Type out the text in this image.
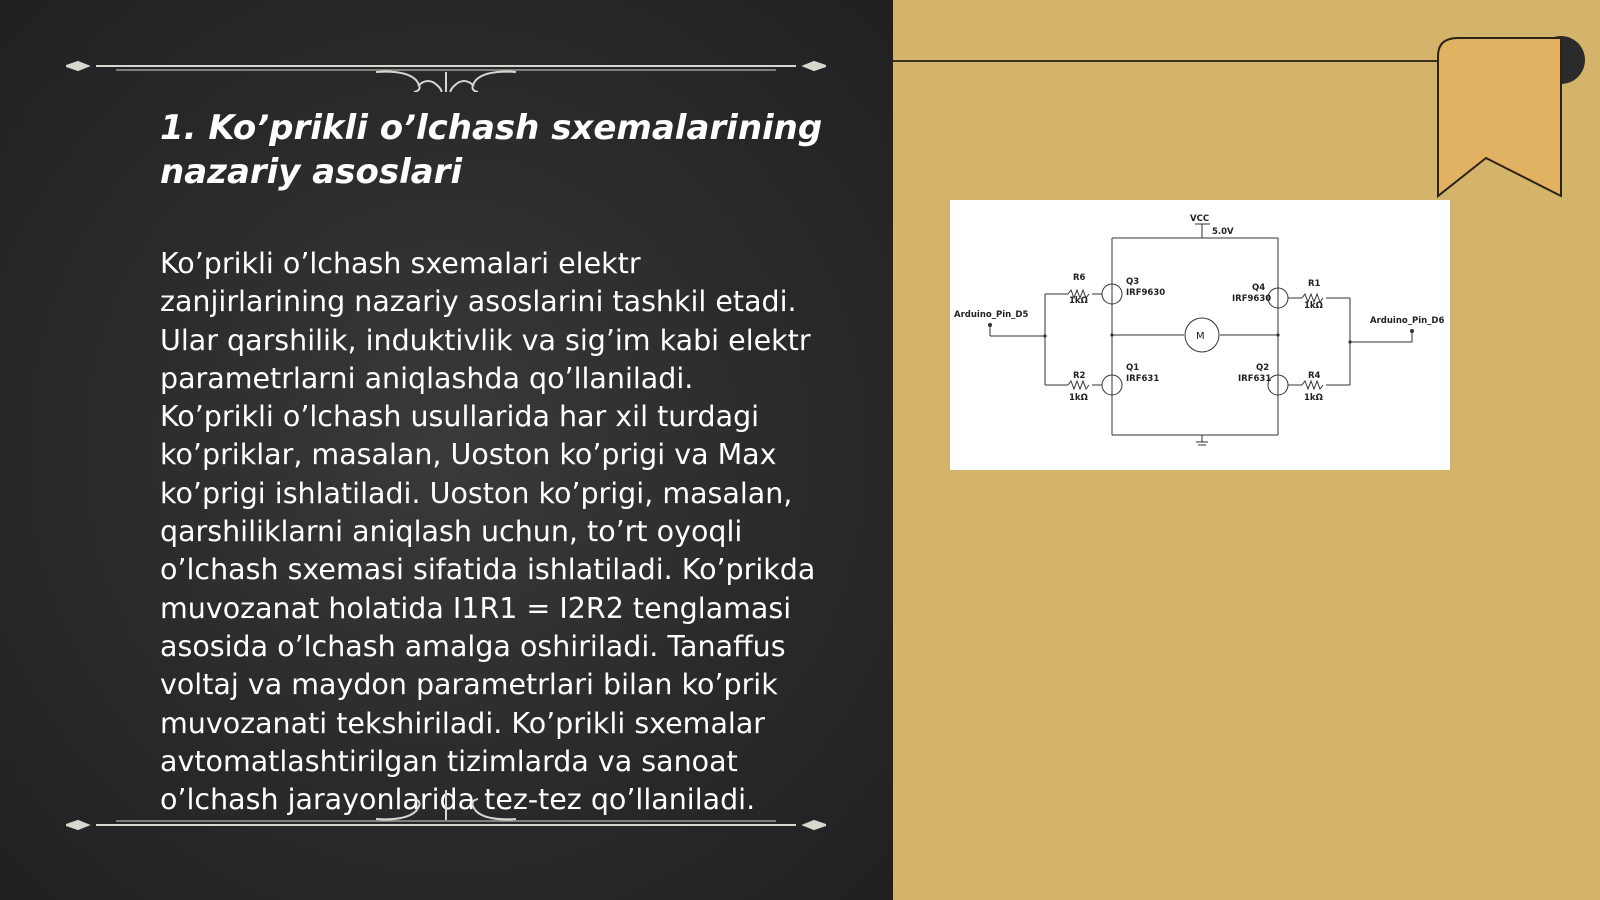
1. Ko’prikli o’lchash sxemalarining
nazariy asoslari
Ko’prikli o’lchash sxemalari elektr
zanjirlarining nazariy asoslarini tashkil etadi.
Ular qarshilik, induktivlik va sig’im kabi elektr
parametrlarni aniqlashda qo’llaniladi.
Ko’prikli o’lchash usullarida har xil turdagi
ko’priklar, masalan, Uoston ko’prigi va Max
ko’prigi ishlatiladi. Uoston ko’prigi, masalan,
qarshiliklarni aniqlash uchun, to’rt oyoqli
o’lchash sxemasi sifatida ishlatiladi. Ko’prikda
muvozanat holatida I1R1 = I2R2 tenglamasi
asosida o’lchash amalga oshiriladi. Tanaffus
voltaj va maydon parametrlari bilan ko’prik
muvozanati tekshiriladi. Ko’prikli sxemalar
avtomatlashtirilgan tizimlarda va sanoat
o’lchash jarayonlarida tez-tez qo’llaniladi.
VCC
5.0V
M
Arduino_Pin_D5
Arduino_Pin_D6
R6
1kΩ
R2
1kΩ
R1
1kΩ
R4
1kΩ
Q3
IRF9630
Q1
IRF631
Q4
IRF9630
Q2
IRF631
